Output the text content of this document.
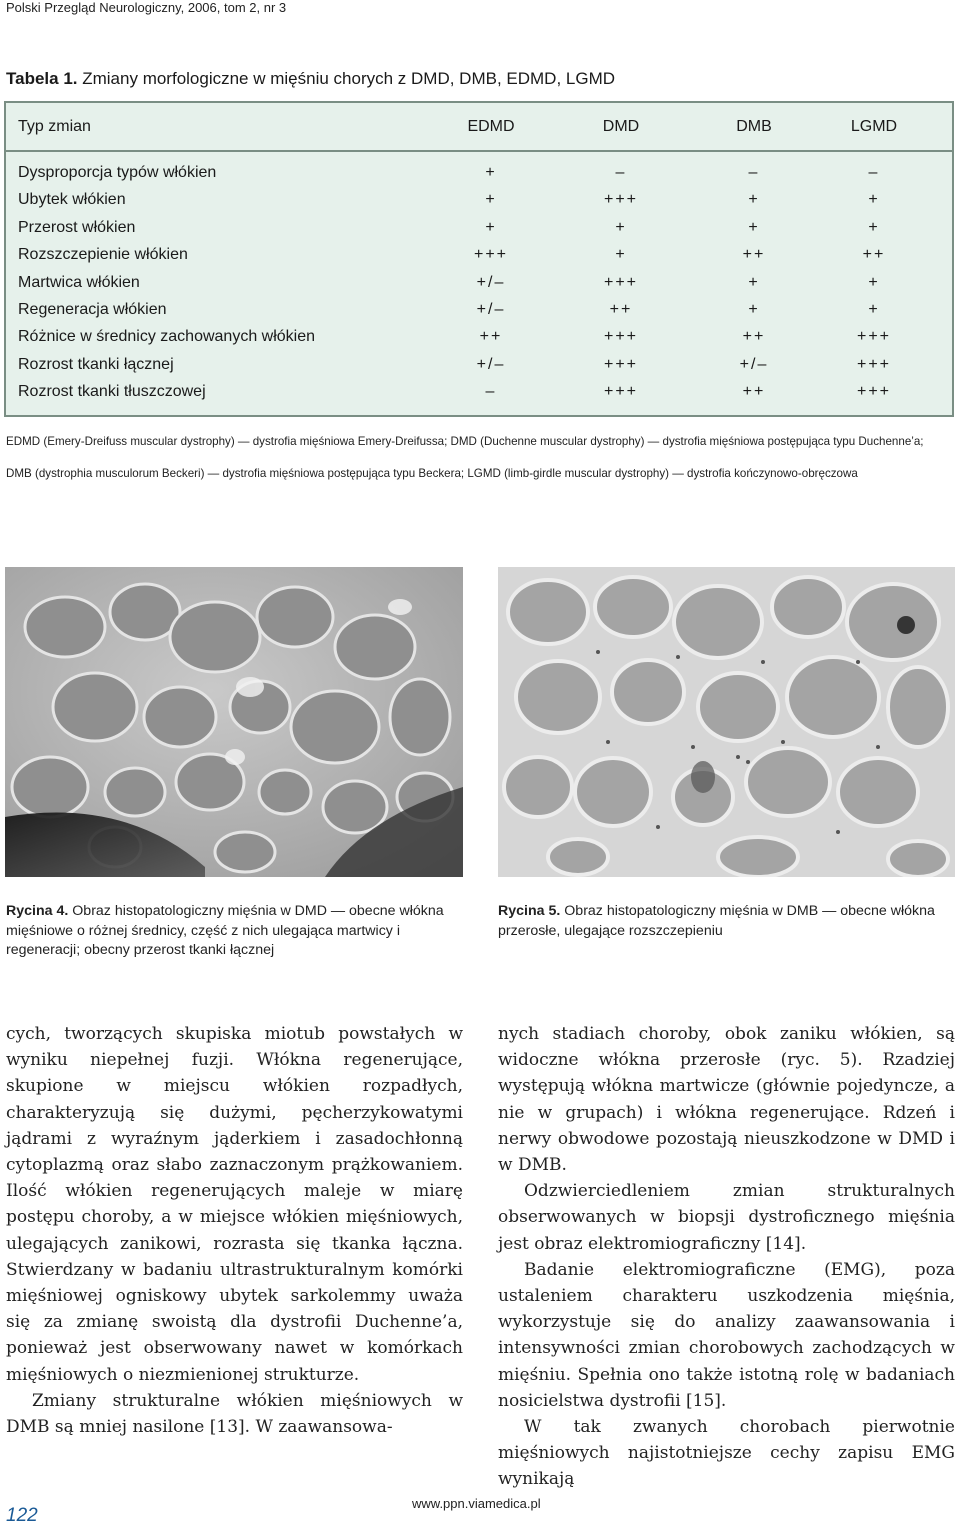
Polski Przegląd Neurologiczny, 2006, tom 2, nr 3
Tabela 1. Zmiany morfologiczne w mięśniu chorych z DMD, DMB, EDMD, LGMD
Typ zmian	EDMD	DMD	DMB	LGMD
Dysproporcja typów włókien	+	–	–	–
Ubytek włókien	+	+++	+	+
Przerost włókien	+	+	+	+
Rozszczepienie włókien	+++	+	++	++
Martwica włókien	+/–	+++	+	+
Regeneracja włókien	+/–	++	+	+
Różnice w średnicy zachowanych włókien	++	+++	++	+++
Rozrost tkanki łącznej	+/–	+++	+/–	+++
Rozrost tkanki tłuszczowej	–	+++	++	+++
EDMD (Emery-Dreifuss muscular dystrophy) — dystrofia mięśniowa Emery-Dreifussa; DMD (Duchenne muscular dystrophy) — dystrofia mięśniowa postępująca typu Duchenne’a; DMB (dystrophia musculorum Beckeri) — dystrofia mięśniowa postępująca typu Beckera; LGMD (limb-girdle muscular dystrophy) — dystrofia kończynowo-obręczowa
Rycina 4. Obraz histopatologiczny mięśnia w DMD — obecne włókna mięśniowe o różnej średnicy, część z nich ulegająca martwicy i regeneracji; obecny przerost tkanki łącznej
Rycina 5. Obraz histopatologiczny mięśnia w DMB — obecne włókna przerosłe, ulegające rozszczepieniu

cych, tworzących skupiska miotub powstałych w wyniku niepełnej fuzji. Włókna regenerujące, skupione w miejscu włókien rozpadłych, charakteryzują się dużymi, pęcherzykowatymi jądrami z wyraźnym jąderkiem i zasadochłonną cytoplazmą oraz słabo zaznaczonym prążkowaniem. Ilość włókien regenerujących maleje w miarę postępu choroby, a w miejsce włókien mięśniowych, ulegających zanikowi, rozrasta się tkanka łączna. Stwierdzany w badaniu ultrastrukturalnym komórki mięśniowej ogniskowy ubytek sarkolemmy uważa się za zmianę swoistą dla dystrofii Duchenne’a, ponieważ jest obserwowany nawet w komórkach mięśniowych o niezmienionej strukturze.

Zmiany strukturalne włókien mięśniowych w DMB są mniej nasilone [13]. W zaawansowa-

nych stadiach choroby, obok zaniku włókien, są widoczne włókna przerosłe (ryc. 5). Rzadziej występują włókna martwicze (głównie pojedyncze, a nie w grupach) i włókna regenerujące. Rdzeń i nerwy obwodowe pozostają nieuszkodzone w DMD i w DMB.

Odzwierciedleniem zmian strukturalnych obserwowanych w biopsji dystroficznego mięśnia jest obraz elektromiograficzny [14].

Badanie elektromiograficzne (EMG), poza ustaleniem charakteru uszkodzenia mięśnia, wykorzystuje się do analizy zaawansowania i intensywności zmian chorobowych zachodzących w mięśniu. Spełnia ono także istotną rolę w badaniach nosicielstwa dystrofii [15].

W tak zwanych chorobach pierwotnie mięśniowych najistotniejsze cechy zapisu EMG wynikają

122
www.ppn.viamedica.pl
